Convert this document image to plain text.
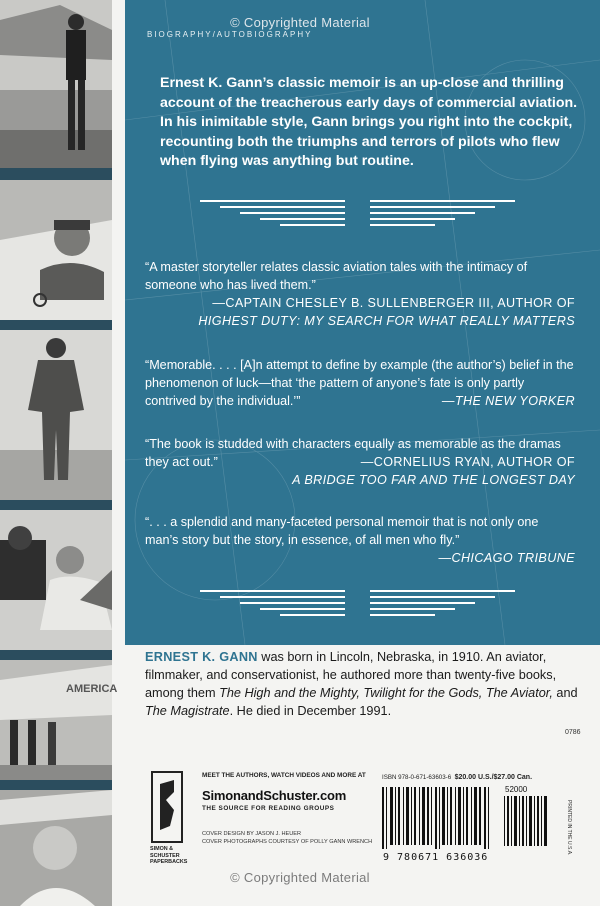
AMERICA
© Copyrighted Material
BIOGRAPHY/AUTOBIOGRAPHY
Ernest K. Gann’s classic memoir is an up-close and thrilling account of the treacherous early days of commercial aviation. In his inimitable style, Gann brings you right into the cockpit, recounting both the triumphs and terrors of pilots who flew when flying was anything but routine.
“A master storyteller relates classic aviation tales with the intimacy of someone who has lived them.”
—CAPTAIN CHESLEY B. SULLENBERGER III, AUTHOR OF
HIGHEST DUTY: MY SEARCH FOR WHAT REALLY MATTERS
“Memorable. . . . [A]n attempt to define by example (the author’s) belief in the phenomenon of luck—that ‘the pattern of anyone’s fate is only partly contrived by the individual.’”	—THE NEW YORKER
“The book is studded with characters equally as memorable as the dramas they act out.”	—CORNELIUS RYAN, AUTHOR OF
A BRIDGE TOO FAR AND THE LONGEST DAY
“. . . a splendid and many-faceted personal memoir that is not only one man’s story but the story, in essence, of all men who fly.”
—CHICAGO TRIBUNE
ERNEST K. GANN was born in Lincoln, Nebraska, in 1910. An aviator, filmmaker, and conservationist, he authored more than twenty-five books, among them The High and the Mighty, Twilight for the Gods, The Aviator, and The Magistrate. He died in December 1991.
0786
SIMON & SCHUSTER PAPERBACKS
MEET THE AUTHORS, WATCH VIDEOS AND MORE AT
SimonandSchuster.com
THE SOURCE FOR READING GROUPS
COVER DESIGN BY JASON J. HEUER
COVER PHOTOGRAPHS COURTESY OF POLLY GANN WRENCH
ISBN 978-0-671-63603-6 $20.00 U.S./$27.00 Can.
52000
9 780671 636036
PRINTED IN THE U.S.A.
© Copyrighted Material
